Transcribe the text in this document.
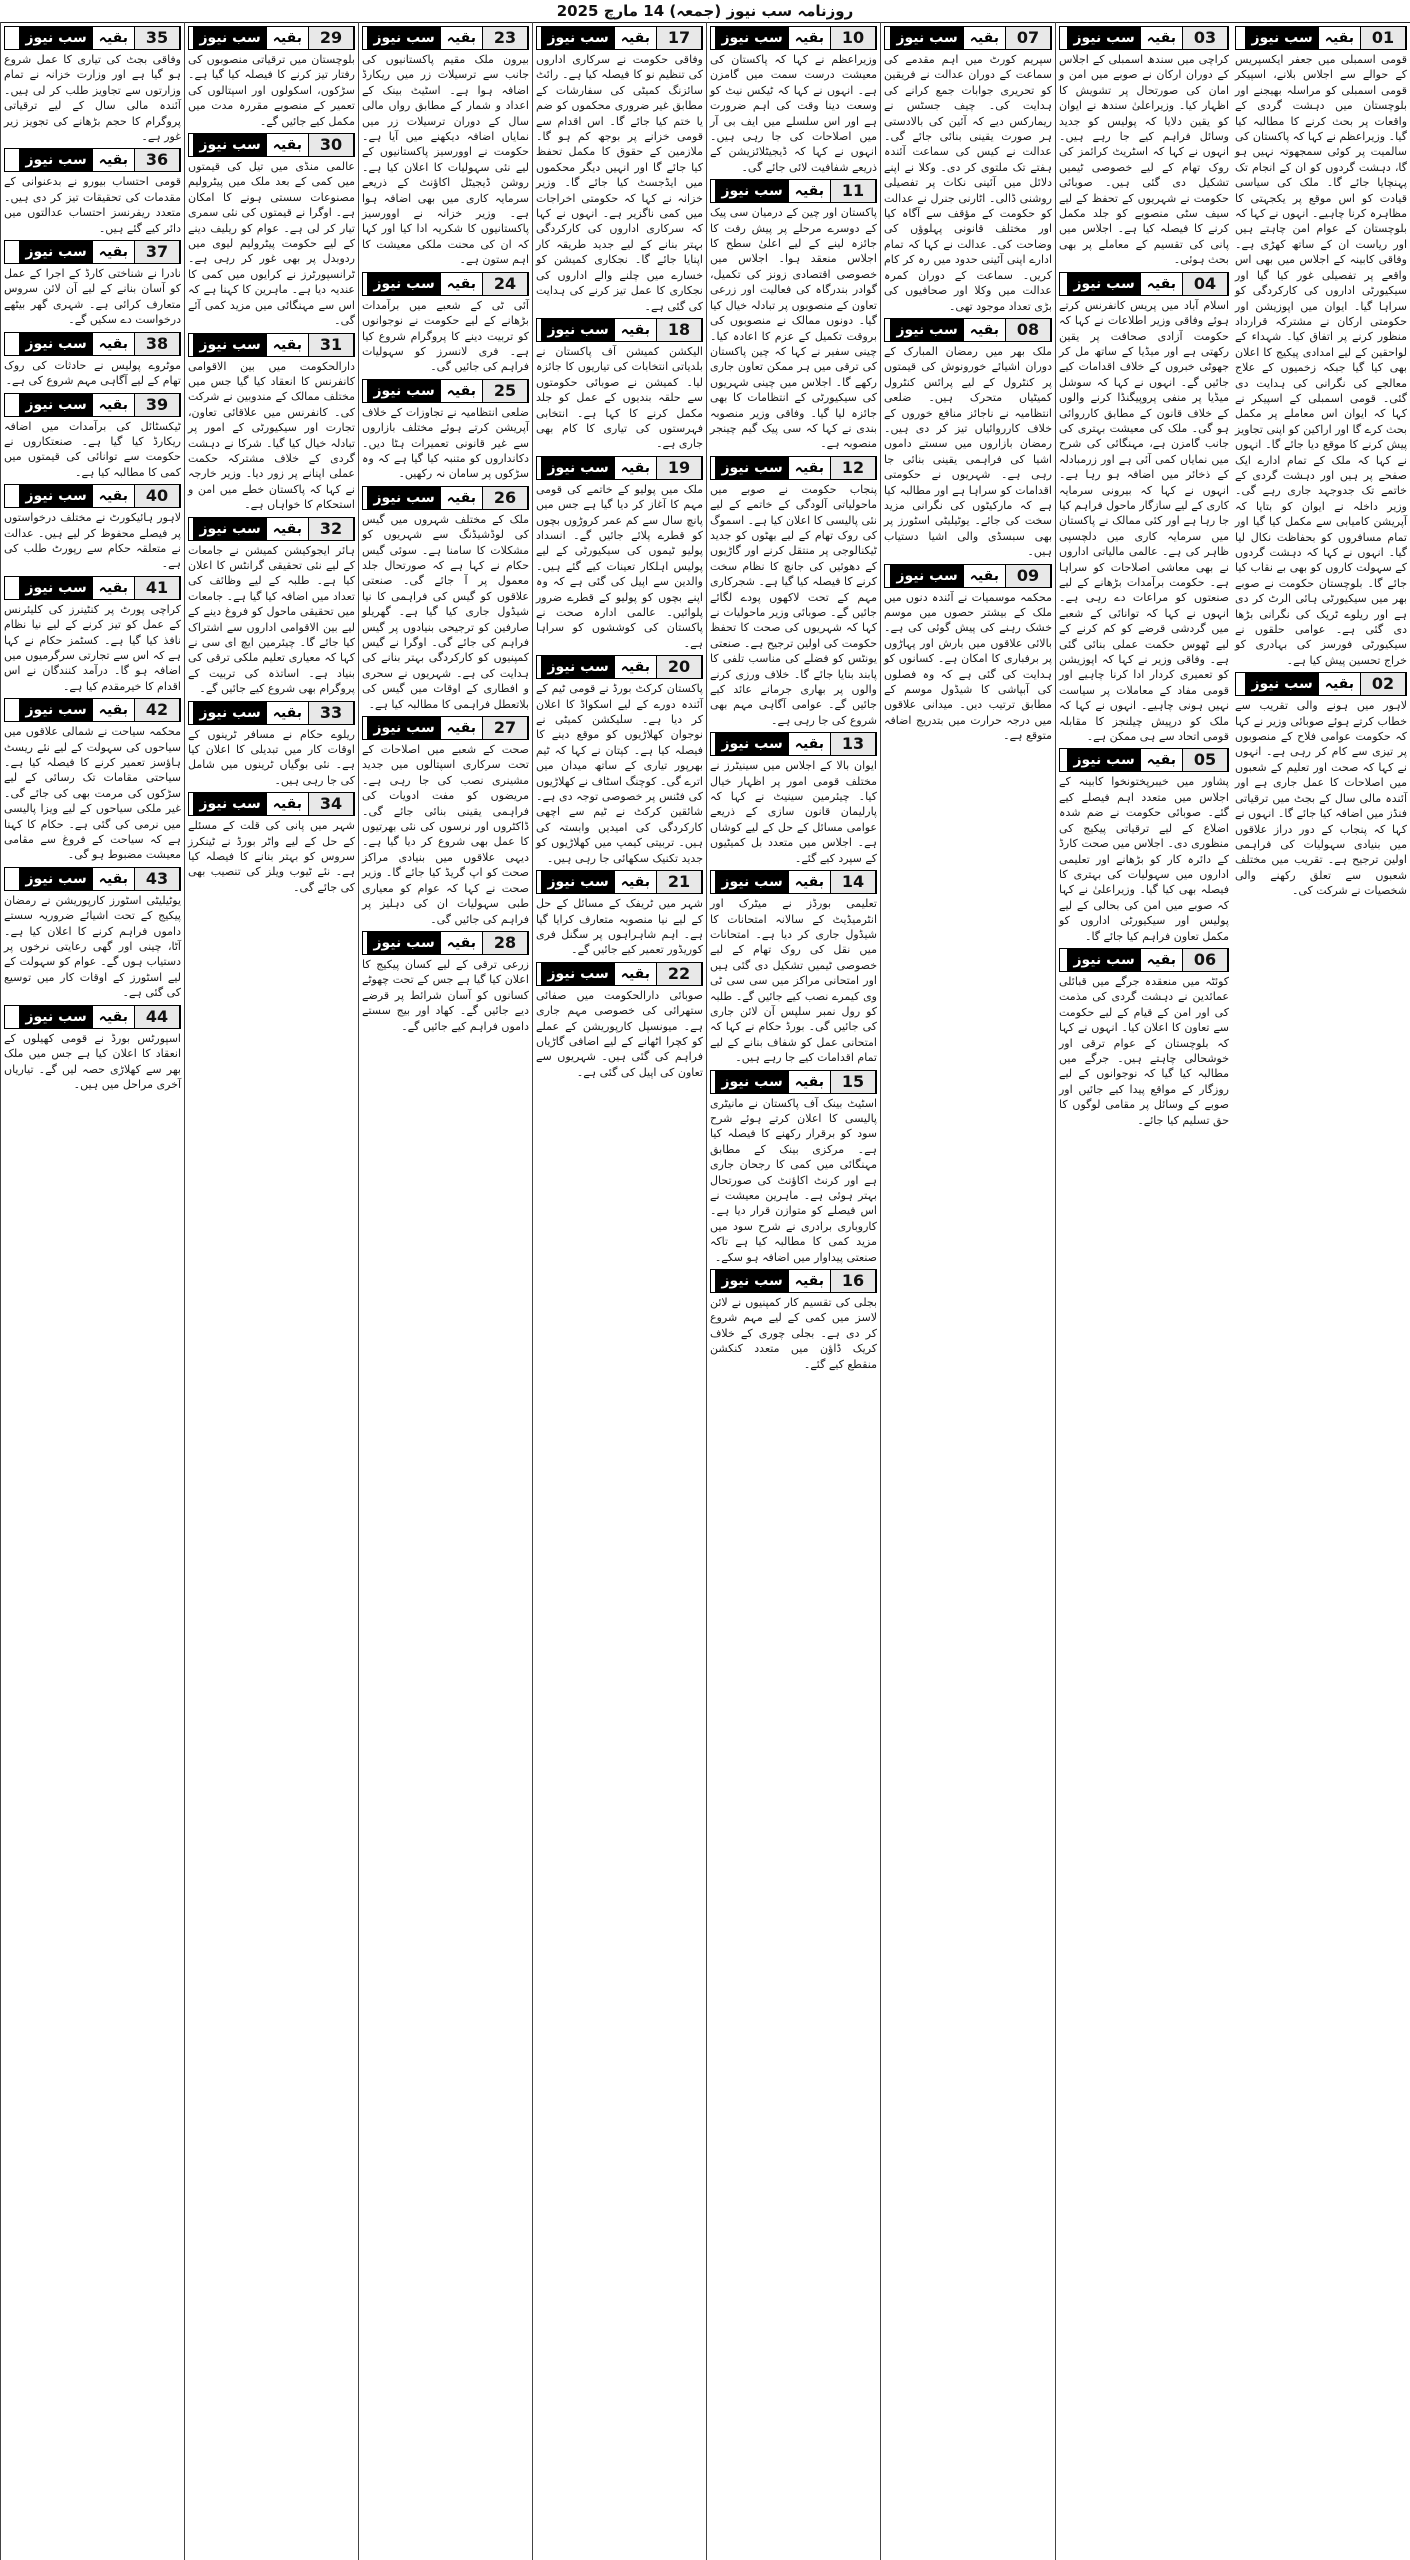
روزنامہ سب نیوز (جمعہ) 14 مارچ 2025
سب نیوز بقیہ	01
قومی اسمبلی میں جعفر ایکسپریس کے حوالے سے اجلاس بلانے، اسپیکر قومی اسمبلی کو مراسلہ بھیجنے اور بلوچستان میں دہشت گردی کے واقعات پر بحث کرنے کا مطالبہ کیا گیا۔ وزیراعظم نے کہا کہ پاکستان کی سالمیت پر کوئی سمجھوتہ نہیں ہو گا، دہشت گردوں کو ان کے انجام تک پہنچایا جائے گا۔ ملک کی سیاسی قیادت کو اس موقع پر یکجہتی کا مظاہرہ کرنا چاہیے۔ انہوں نے کہا کہ بلوچستان کے عوام امن چاہتے ہیں اور ریاست ان کے ساتھ کھڑی ہے۔ وفاقی کابینہ کے اجلاس میں بھی اس واقعے پر تفصیلی غور کیا گیا اور سیکیورٹی اداروں کی کارکردگی کو سراہا گیا۔ ایوان میں اپوزیشن اور حکومتی ارکان نے مشترکہ قرارداد منظور کرنے پر اتفاق کیا۔ شہداء کے لواحقین کے لیے امدادی پیکیج کا اعلان بھی کیا گیا جبکہ زخمیوں کے علاج معالجے کی نگرانی کی ہدایت دی گئی۔ قومی اسمبلی کے اسپیکر نے کہا کہ ایوان اس معاملے پر مکمل بحث کرے گا اور اراکین کو اپنی تجاویز پیش کرنے کا موقع دیا جائے گا۔ انہوں نے کہا کہ ملک کے تمام ادارے ایک صفحے پر ہیں اور دہشت گردی کے خاتمے تک جدوجہد جاری رہے گی۔ وزیر داخلہ نے ایوان کو بتایا کہ آپریشن کامیابی سے مکمل کیا گیا اور تمام مسافروں کو بحفاظت نکال لیا گیا۔ انہوں نے کہا کہ دہشت گردوں کے سہولت کاروں کو بھی بے نقاب کیا جائے گا۔ بلوچستان حکومت نے صوبے بھر میں سیکیورٹی ہائی الرٹ کر دی ہے اور ریلوے ٹریک کی نگرانی بڑھا دی گئی ہے۔ عوامی حلقوں نے سیکیورٹی فورسز کی بہادری کو خراج تحسین پیش کیا ہے۔
سب نیوز بقیہ	02
لاہور میں ہونے والی تقریب سے خطاب کرتے ہوئے صوبائی وزیر نے کہا کہ حکومت عوامی فلاح کے منصوبوں پر تیزی سے کام کر رہی ہے۔ انہوں نے کہا کہ صحت اور تعلیم کے شعبوں میں اصلاحات کا عمل جاری ہے اور آئندہ مالی سال کے بجٹ میں ترقیاتی فنڈز میں اضافہ کیا جائے گا۔ انہوں نے کہا کہ پنجاب کے دور دراز علاقوں میں بنیادی سہولیات کی فراہمی اولین ترجیح ہے۔ تقریب میں مختلف شعبوں سے تعلق رکھنے والی شخصیات نے شرکت کی۔
سب نیوز بقیہ	03
کراچی میں سندھ اسمبلی کے اجلاس کے دوران ارکان نے صوبے میں امن و امان کی صورتحال پر تشویش کا اظہار کیا۔ وزیراعلیٰ سندھ نے ایوان کو یقین دلایا کہ پولیس کو جدید وسائل فراہم کیے جا رہے ہیں۔ انہوں نے کہا کہ اسٹریٹ کرائمز کی روک تھام کے لیے خصوصی ٹیمیں تشکیل دی گئی ہیں۔ صوبائی حکومت نے شہریوں کے تحفظ کے لیے سیف سٹی منصوبے کو جلد مکمل کرنے کا فیصلہ کیا ہے۔ اجلاس میں پانی کی تقسیم کے معاملے پر بھی بحث ہوئی۔
سب نیوز بقیہ	04
اسلام آباد میں پریس کانفرنس کرتے ہوئے وفاقی وزیر اطلاعات نے کہا کہ حکومت آزادی صحافت پر یقین رکھتی ہے اور میڈیا کے ساتھ مل کر جھوٹی خبروں کے خلاف اقدامات کیے جائیں گے۔ انہوں نے کہا کہ سوشل میڈیا پر منفی پروپیگنڈا کرنے والوں کے خلاف قانون کے مطابق کارروائی ہو گی۔ ملک کی معیشت بہتری کی جانب گامزن ہے، مہنگائی کی شرح میں نمایاں کمی آئی ہے اور زرمبادلہ کے ذخائر میں اضافہ ہو رہا ہے۔ انہوں نے کہا کہ بیرونی سرمایہ کاری کے لیے سازگار ماحول فراہم کیا جا رہا ہے اور کئی ممالک نے پاکستان میں سرمایہ کاری میں دلچسپی ظاہر کی ہے۔ عالمی مالیاتی اداروں نے بھی معاشی اصلاحات کو سراہا ہے۔ حکومت برآمدات بڑھانے کے لیے صنعتوں کو مراعات دے رہی ہے۔ انہوں نے کہا کہ توانائی کے شعبے میں گردشی قرضے کو کم کرنے کے لیے ٹھوس حکمت عملی بنائی گئی ہے۔ وفاقی وزیر نے کہا کہ اپوزیشن کو تعمیری کردار ادا کرنا چاہیے اور قومی مفاد کے معاملات پر سیاست نہیں ہونی چاہیے۔ انہوں نے کہا کہ ملک کو درپیش چیلنجز کا مقابلہ قومی اتحاد سے ہی ممکن ہے۔
سب نیوز بقیہ	05
پشاور میں خیبرپختونخوا کابینہ کے اجلاس میں متعدد اہم فیصلے کیے گئے۔ صوبائی حکومت نے ضم شدہ اضلاع کے لیے ترقیاتی پیکیج کی منظوری دی۔ اجلاس میں صحت کارڈ کے دائرہ کار کو بڑھانے اور تعلیمی اداروں میں سہولیات کی بہتری کا فیصلہ بھی کیا گیا۔ وزیراعلیٰ نے کہا کہ صوبے میں امن کی بحالی کے لیے پولیس اور سیکیورٹی اداروں کو مکمل تعاون فراہم کیا جائے گا۔
سب نیوز بقیہ	06
کوئٹہ میں منعقدہ جرگے میں قبائلی عمائدین نے دہشت گردی کی مذمت کی اور امن کے قیام کے لیے حکومت سے تعاون کا اعلان کیا۔ انہوں نے کہا کہ بلوچستان کے عوام ترقی اور خوشحالی چاہتے ہیں۔ جرگے میں مطالبہ کیا گیا کہ نوجوانوں کے لیے روزگار کے مواقع پیدا کیے جائیں اور صوبے کے وسائل پر مقامی لوگوں کا حق تسلیم کیا جائے۔
سب نیوز بقیہ	07
سپریم کورٹ میں اہم مقدمے کی سماعت کے دوران عدالت نے فریقین کو تحریری جوابات جمع کرانے کی ہدایت کی۔ چیف جسٹس نے ریمارکس دیے کہ آئین کی بالادستی ہر صورت یقینی بنائی جائے گی۔ عدالت نے کیس کی سماعت آئندہ ہفتے تک ملتوی کر دی۔ وکلا نے اپنے دلائل میں آئینی نکات پر تفصیلی روشنی ڈالی۔ اٹارنی جنرل نے عدالت کو حکومت کے مؤقف سے آگاہ کیا اور مختلف قانونی پہلوؤں کی وضاحت کی۔ عدالت نے کہا کہ تمام ادارے اپنی آئینی حدود میں رہ کر کام کریں۔ سماعت کے دوران کمرہ عدالت میں وکلا اور صحافیوں کی بڑی تعداد موجود تھی۔
سب نیوز بقیہ	08
ملک بھر میں رمضان المبارک کے دوران اشیائے خورونوش کی قیمتوں پر کنٹرول کے لیے پرائس کنٹرول کمیٹیاں متحرک ہیں۔ ضلعی انتظامیہ نے ناجائز منافع خوروں کے خلاف کارروائیاں تیز کر دی ہیں۔ رمضان بازاروں میں سستے داموں اشیا کی فراہمی یقینی بنائی جا رہی ہے۔ شہریوں نے حکومتی اقدامات کو سراہا ہے اور مطالبہ کیا ہے کہ مارکیٹوں کی نگرانی مزید سخت کی جائے۔ یوٹیلیٹی اسٹورز پر بھی سبسڈی والی اشیا دستیاب ہیں۔
سب نیوز بقیہ	09
محکمہ موسمیات نے آئندہ دنوں میں ملک کے بیشتر حصوں میں موسم خشک رہنے کی پیش گوئی کی ہے۔ بالائی علاقوں میں بارش اور پہاڑوں پر برفباری کا امکان ہے۔ کسانوں کو ہدایت کی گئی ہے کہ وہ فصلوں کی آبپاشی کا شیڈول موسم کے مطابق ترتیب دیں۔ میدانی علاقوں میں درجہ حرارت میں بتدریج اضافہ متوقع ہے۔
سب نیوز بقیہ	10
وزیراعظم نے کہا کہ پاکستان کی معیشت درست سمت میں گامزن ہے۔ انہوں نے کہا کہ ٹیکس نیٹ کو وسعت دینا وقت کی اہم ضرورت ہے اور اس سلسلے میں ایف بی آر میں اصلاحات کی جا رہی ہیں۔ انہوں نے کہا کہ ڈیجیٹلائزیشن کے ذریعے شفافیت لائی جائے گی۔
سب نیوز بقیہ	11
پاکستان اور چین کے درمیان سی پیک کے دوسرے مرحلے پر پیش رفت کا جائزہ لینے کے لیے اعلیٰ سطح کا اجلاس منعقد ہوا۔ اجلاس میں خصوصی اقتصادی زونز کی تکمیل، گوادر بندرگاہ کی فعالیت اور زرعی تعاون کے منصوبوں پر تبادلہ خیال کیا گیا۔ دونوں ممالک نے منصوبوں کی بروقت تکمیل کے عزم کا اعادہ کیا۔ چینی سفیر نے کہا کہ چین پاکستان کی ترقی میں ہر ممکن تعاون جاری رکھے گا۔ اجلاس میں چینی شہریوں کی سیکیورٹی کے انتظامات کا بھی جائزہ لیا گیا۔ وفاقی وزیر منصوبہ بندی نے کہا کہ سی پیک گیم چینجر منصوبہ ہے۔
سب نیوز بقیہ	12
پنجاب حکومت نے صوبے میں ماحولیاتی آلودگی کے خاتمے کے لیے نئی پالیسی کا اعلان کیا ہے۔ اسموگ کی روک تھام کے لیے بھٹوں کو جدید ٹیکنالوجی پر منتقل کرنے اور گاڑیوں کے دھوئیں کی جانچ کا نظام سخت کرنے کا فیصلہ کیا گیا ہے۔ شجرکاری مہم کے تحت لاکھوں پودے لگائے جائیں گے۔ صوبائی وزیر ماحولیات نے کہا کہ شہریوں کی صحت کا تحفظ حکومت کی اولین ترجیح ہے۔ صنعتی یونٹس کو فضلے کی مناسب تلفی کا پابند بنایا جائے گا۔ خلاف ورزی کرنے والوں پر بھاری جرمانے عائد کیے جائیں گے۔ عوامی آگاہی مہم بھی شروع کی جا رہی ہے۔
سب نیوز بقیہ	13
ایوان بالا کے اجلاس میں سینیٹرز نے مختلف قومی امور پر اظہار خیال کیا۔ چیئرمین سینیٹ نے کہا کہ پارلیمان قانون سازی کے ذریعے عوامی مسائل کے حل کے لیے کوشاں ہے۔ اجلاس میں متعدد بل کمیٹیوں کے سپرد کیے گئے۔
سب نیوز بقیہ	14
تعلیمی بورڈز نے میٹرک اور انٹرمیڈیٹ کے سالانہ امتحانات کا شیڈول جاری کر دیا ہے۔ امتحانات میں نقل کی روک تھام کے لیے خصوصی ٹیمیں تشکیل دی گئی ہیں اور امتحانی مراکز میں سی سی ٹی وی کیمرے نصب کیے جائیں گے۔ طلبہ کو رول نمبر سلپس آن لائن جاری کی جائیں گی۔ بورڈ حکام نے کہا کہ امتحانی عمل کو شفاف بنانے کے لیے تمام اقدامات کیے جا رہے ہیں۔
سب نیوز بقیہ	15
اسٹیٹ بینک آف پاکستان نے مانیٹری پالیسی کا اعلان کرتے ہوئے شرح سود کو برقرار رکھنے کا فیصلہ کیا ہے۔ مرکزی بینک کے مطابق مہنگائی میں کمی کا رجحان جاری ہے اور کرنٹ اکاؤنٹ کی صورتحال بہتر ہوئی ہے۔ ماہرین معیشت نے اس فیصلے کو متوازن قرار دیا ہے۔ کاروباری برادری نے شرح سود میں مزید کمی کا مطالبہ کیا ہے تاکہ صنعتی پیداوار میں اضافہ ہو سکے۔
سب نیوز بقیہ	16
بجلی کی تقسیم کار کمپنیوں نے لائن لاسز میں کمی کے لیے مہم شروع کر دی ہے۔ بجلی چوری کے خلاف کریک ڈاؤن میں متعدد کنکشن منقطع کیے گئے۔
سب نیوز بقیہ	17
وفاقی حکومت نے سرکاری اداروں کی تنظیم نو کا فیصلہ کیا ہے۔ رائٹ سائزنگ کمیٹی کی سفارشات کے مطابق غیر ضروری محکموں کو ضم یا ختم کیا جائے گا۔ اس اقدام سے قومی خزانے پر بوجھ کم ہو گا۔ ملازمین کے حقوق کا مکمل تحفظ کیا جائے گا اور انہیں دیگر محکموں میں ایڈجسٹ کیا جائے گا۔ وزیر خزانہ نے کہا کہ حکومتی اخراجات میں کمی ناگزیر ہے۔ انہوں نے کہا کہ سرکاری اداروں کی کارکردگی بہتر بنانے کے لیے جدید طریقہ کار اپنایا جائے گا۔ نجکاری کمیشن کو خسارے میں چلنے والے اداروں کی نجکاری کا عمل تیز کرنے کی ہدایت کی گئی ہے۔
سب نیوز بقیہ	18
الیکشن کمیشن آف پاکستان نے بلدیاتی انتخابات کی تیاریوں کا جائزہ لیا۔ کمیشن نے صوبائی حکومتوں سے حلقہ بندیوں کے عمل کو جلد مکمل کرنے کا کہا ہے۔ انتخابی فہرستوں کی تیاری کا کام بھی جاری ہے۔
سب نیوز بقیہ	19
ملک میں پولیو کے خاتمے کی قومی مہم کا آغاز کر دیا گیا ہے جس میں پانچ سال سے کم عمر کروڑوں بچوں کو قطرے پلائے جائیں گے۔ انسداد پولیو ٹیموں کی سیکیورٹی کے لیے پولیس اہلکار تعینات کیے گئے ہیں۔ والدین سے اپیل کی گئی ہے کہ وہ اپنے بچوں کو پولیو کے قطرے ضرور پلوائیں۔ عالمی ادارہ صحت نے پاکستان کی کوششوں کو سراہا ہے۔
سب نیوز بقیہ	20
پاکستان کرکٹ بورڈ نے قومی ٹیم کے آئندہ دورے کے لیے اسکواڈ کا اعلان کر دیا ہے۔ سلیکشن کمیٹی نے نوجوان کھلاڑیوں کو موقع دینے کا فیصلہ کیا ہے۔ کپتان نے کہا کہ ٹیم بھرپور تیاری کے ساتھ میدان میں اترے گی۔ کوچنگ اسٹاف نے کھلاڑیوں کی فٹنس پر خصوصی توجہ دی ہے۔ شائقین کرکٹ نے ٹیم سے اچھی کارکردگی کی امیدیں وابستہ کی ہیں۔ تربیتی کیمپ میں کھلاڑیوں کو جدید تکنیک سکھائی جا رہی ہیں۔
سب نیوز بقیہ	21
شہر میں ٹریفک کے مسائل کے حل کے لیے نیا منصوبہ متعارف کرایا گیا ہے۔ اہم شاہراہوں پر سگنل فری کوریڈور تعمیر کیے جائیں گے۔
سب نیوز بقیہ	22
صوبائی دارالحکومت میں صفائی ستھرائی کی خصوصی مہم جاری ہے۔ میونسپل کارپوریشن کے عملے کو کچرا اٹھانے کے لیے اضافی گاڑیاں فراہم کی گئی ہیں۔ شہریوں سے تعاون کی اپیل کی گئی ہے۔
سب نیوز بقیہ	23
بیرون ملک مقیم پاکستانیوں کی جانب سے ترسیلات زر میں ریکارڈ اضافہ ہوا ہے۔ اسٹیٹ بینک کے اعداد و شمار کے مطابق رواں مالی سال کے دوران ترسیلات زر میں نمایاں اضافہ دیکھنے میں آیا ہے۔ حکومت نے اوورسیز پاکستانیوں کے لیے نئی سہولیات کا اعلان کیا ہے۔ روشن ڈیجیٹل اکاؤنٹ کے ذریعے سرمایہ کاری میں بھی اضافہ ہوا ہے۔ وزیر خزانہ نے اوورسیز پاکستانیوں کا شکریہ ادا کیا اور کہا کہ ان کی محنت ملکی معیشت کا اہم ستون ہے۔
سب نیوز بقیہ	24
آئی ٹی کے شعبے میں برآمدات بڑھانے کے لیے حکومت نے نوجوانوں کو تربیت دینے کا پروگرام شروع کیا ہے۔ فری لانسرز کو سہولیات فراہم کی جائیں گی۔
سب نیوز بقیہ	25
ضلعی انتظامیہ نے تجاوزات کے خلاف آپریشن کرتے ہوئے مختلف بازاروں سے غیر قانونی تعمیرات ہٹا دیں۔ دکانداروں کو متنبہ کیا گیا ہے کہ وہ سڑکوں پر سامان نہ رکھیں۔
سب نیوز بقیہ	26
ملک کے مختلف شہروں میں گیس کی لوڈشیڈنگ سے شہریوں کو مشکلات کا سامنا ہے۔ سوئی گیس حکام نے کہا ہے کہ صورتحال جلد معمول پر آ جائے گی۔ صنعتی علاقوں کو گیس کی فراہمی کا نیا شیڈول جاری کیا گیا ہے۔ گھریلو صارفین کو ترجیحی بنیادوں پر گیس فراہم کی جائے گی۔ اوگرا نے گیس کمپنیوں کو کارکردگی بہتر بنانے کی ہدایت کی ہے۔ شہریوں نے سحری و افطاری کے اوقات میں گیس کی بلاتعطل فراہمی کا مطالبہ کیا ہے۔
سب نیوز بقیہ	27
صحت کے شعبے میں اصلاحات کے تحت سرکاری اسپتالوں میں جدید مشینری نصب کی جا رہی ہے۔ مریضوں کو مفت ادویات کی فراہمی یقینی بنائی جائے گی۔ ڈاکٹروں اور نرسوں کی نئی بھرتیوں کا عمل بھی شروع کر دیا گیا ہے۔ دیہی علاقوں میں بنیادی مراکز صحت کو اپ گریڈ کیا جائے گا۔ وزیر صحت نے کہا کہ عوام کو معیاری طبی سہولیات ان کی دہلیز پر فراہم کی جائیں گی۔
سب نیوز بقیہ	28
زرعی ترقی کے لیے کسان پیکیج کا اعلان کیا گیا ہے جس کے تحت چھوٹے کسانوں کو آسان شرائط پر قرضے دیے جائیں گے۔ کھاد اور بیج سستے داموں فراہم کیے جائیں گے۔
سب نیوز بقیہ	29
بلوچستان میں ترقیاتی منصوبوں کی رفتار تیز کرنے کا فیصلہ کیا گیا ہے۔ سڑکوں، اسکولوں اور اسپتالوں کی تعمیر کے منصوبے مقررہ مدت میں مکمل کیے جائیں گے۔
سب نیوز بقیہ	30
عالمی منڈی میں تیل کی قیمتوں میں کمی کے بعد ملک میں پیٹرولیم مصنوعات سستی ہونے کا امکان ہے۔ اوگرا نے قیمتوں کی نئی سمری تیار کر لی ہے۔ عوام کو ریلیف دینے کے لیے حکومت پیٹرولیم لیوی میں ردوبدل پر بھی غور کر رہی ہے۔ ٹرانسپورٹرز نے کرایوں میں کمی کا عندیہ دیا ہے۔ ماہرین کا کہنا ہے کہ اس سے مہنگائی میں مزید کمی آئے گی۔
سب نیوز بقیہ	31
دارالحکومت میں بین الاقوامی کانفرنس کا انعقاد کیا گیا جس میں مختلف ممالک کے مندوبین نے شرکت کی۔ کانفرنس میں علاقائی تعاون، تجارت اور سیکیورٹی کے امور پر تبادلہ خیال کیا گیا۔ شرکا نے دہشت گردی کے خلاف مشترکہ حکمت عملی اپنانے پر زور دیا۔ وزیر خارجہ نے کہا کہ پاکستان خطے میں امن و استحکام کا خواہاں ہے۔
سب نیوز بقیہ	32
ہائر ایجوکیشن کمیشن نے جامعات کے لیے نئی تحقیقی گرانٹس کا اعلان کیا ہے۔ طلبہ کے لیے وظائف کی تعداد میں اضافہ کیا گیا ہے۔ جامعات میں تحقیقی ماحول کو فروغ دینے کے لیے بین الاقوامی اداروں سے اشتراک کیا جائے گا۔ چیئرمین ایچ ای سی نے کہا کہ معیاری تعلیم ملکی ترقی کی بنیاد ہے۔ اساتذہ کی تربیت کے پروگرام بھی شروع کیے جائیں گے۔
سب نیوز بقیہ	33
ریلوے حکام نے مسافر ٹرینوں کے اوقات کار میں تبدیلی کا اعلان کیا ہے۔ نئی بوگیاں ٹرینوں میں شامل کی جا رہی ہیں۔
سب نیوز بقیہ	34
شہر میں پانی کی قلت کے مسئلے کے حل کے لیے واٹر بورڈ نے ٹینکرز سروس کو بہتر بنانے کا فیصلہ کیا ہے۔ نئے ٹیوب ویلز کی تنصیب بھی کی جائے گی۔
سب نیوز بقیہ	35
وفاقی بجٹ کی تیاری کا عمل شروع ہو گیا ہے اور وزارت خزانہ نے تمام وزارتوں سے تجاویز طلب کر لی ہیں۔ آئندہ مالی سال کے لیے ترقیاتی پروگرام کا حجم بڑھانے کی تجویز زیر غور ہے۔
سب نیوز بقیہ	36
قومی احتساب بیورو نے بدعنوانی کے مقدمات کی تحقیقات تیز کر دی ہیں۔ متعدد ریفرنسز احتساب عدالتوں میں دائر کیے گئے ہیں۔
سب نیوز بقیہ	37
نادرا نے شناختی کارڈ کے اجرا کے عمل کو آسان بنانے کے لیے آن لائن سروس متعارف کرائی ہے۔ شہری گھر بیٹھے درخواست دے سکیں گے۔
سب نیوز بقیہ	38
موٹروے پولیس نے حادثات کی روک تھام کے لیے آگاہی مہم شروع کی ہے۔
سب نیوز بقیہ	39
ٹیکسٹائل کی برآمدات میں اضافہ ریکارڈ کیا گیا ہے۔ صنعتکاروں نے حکومت سے توانائی کی قیمتوں میں کمی کا مطالبہ کیا ہے۔
سب نیوز بقیہ	40
لاہور ہائیکورٹ نے مختلف درخواستوں پر فیصلے محفوظ کر لیے ہیں۔ عدالت نے متعلقہ حکام سے رپورٹ طلب کی ہے۔
سب نیوز بقیہ	41
کراچی پورٹ پر کنٹینرز کی کلیئرنس کے عمل کو تیز کرنے کے لیے نیا نظام نافذ کیا گیا ہے۔ کسٹمز حکام نے کہا ہے کہ اس سے تجارتی سرگرمیوں میں اضافہ ہو گا۔ درآمد کنندگان نے اس اقدام کا خیرمقدم کیا ہے۔
سب نیوز بقیہ	42
محکمہ سیاحت نے شمالی علاقوں میں سیاحوں کی سہولت کے لیے نئے ریسٹ ہاؤسز تعمیر کرنے کا فیصلہ کیا ہے۔ سیاحتی مقامات تک رسائی کے لیے سڑکوں کی مرمت بھی کی جائے گی۔ غیر ملکی سیاحوں کے لیے ویزا پالیسی میں نرمی کی گئی ہے۔ حکام کا کہنا ہے کہ سیاحت کے فروغ سے مقامی معیشت مضبوط ہو گی۔
سب نیوز بقیہ	43
یوٹیلیٹی اسٹورز کارپوریشن نے رمضان پیکیج کے تحت اشیائے ضروریہ سستے داموں فراہم کرنے کا اعلان کیا ہے۔ آٹا، چینی اور گھی رعایتی نرخوں پر دستیاب ہوں گے۔ عوام کو سہولت کے لیے اسٹورز کے اوقات کار میں توسیع کی گئی ہے۔
سب نیوز بقیہ	44
اسپورٹس بورڈ نے قومی کھیلوں کے انعقاد کا اعلان کیا ہے جس میں ملک بھر سے کھلاڑی حصہ لیں گے۔ تیاریاں آخری مراحل میں ہیں۔
